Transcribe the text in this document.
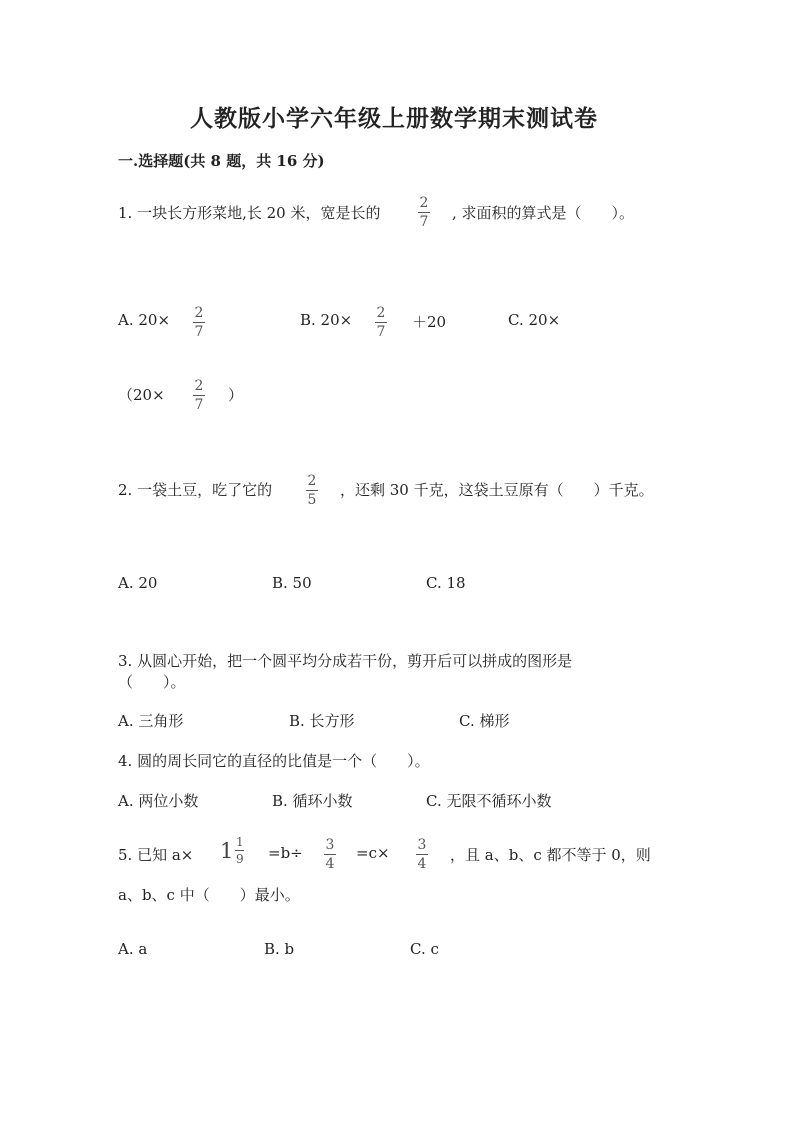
人教版小学六年级上册数学期末测试卷
一.选择题(共 8 题，共 16 分)
1. 一块长方形菜地,长 20 米，宽是长的
2
7 , 求面积的算式是（　　）。
A. 20× 2
7
B. 20× 2
7
＋20	C. 20×
（20× 2
7
）
2. 一袋土豆，吃了它的	2
5
，还剩 30 千克，这袋土豆原有（　　）千克。
A. 20	B. 50	C. 18
3. 从圆心开始，把一个圆平均分成若干份，剪开后可以拼成的图形是
（　　）。
A. 三角形	B. 长方形	C. 梯形
4. 圆的周长同它的直径的比值是一个（　　）。
A. 两位小数	B. 循环小数	C. 无限不循环小数
5. 已知 $a\times 1 \frac{1}{9} =b\div 3$
4
=c× 3
4 ，且 a、b、c 都不等于 0，则
a、b、c 中（　　）最小。
A. a	B. b	C. c
